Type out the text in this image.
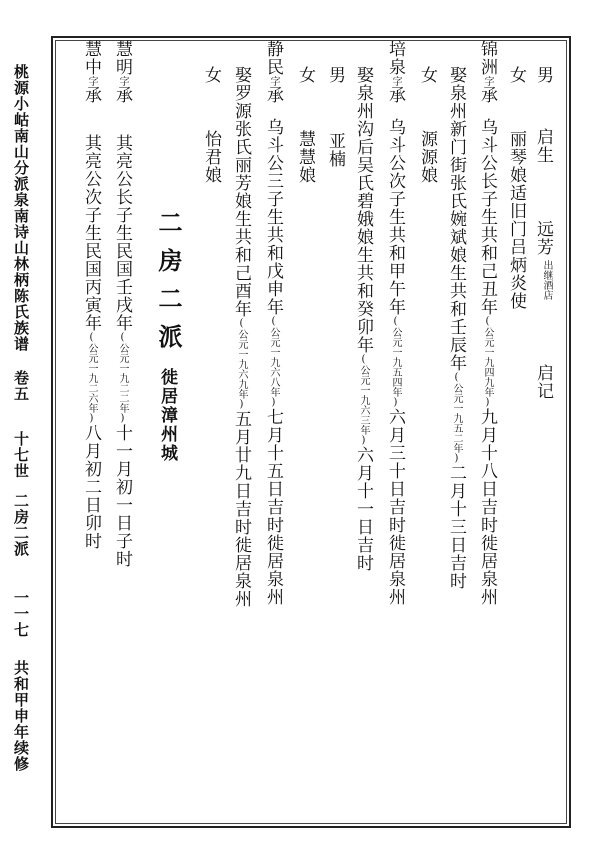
桃源小岵南山分派泉南诗山林柄陈氏族谱
卷五
十七世
二房二派
一一七
共和甲申年续修
男
启生
远芳
出继酒店
启记
丽琴娘适旧门吕炳炎使
女
锦洲字承乌斗公长子生共和己丑年(公元一九四九年)九月十八日吉时徙居泉州
娶泉州新门街张氏婉斌娘生共和壬辰年(公元一九五二年)二月十三日吉时
女
源源娘
培泉字承乌斗公次子生共和甲午年(公元一九五四年)六月三十日吉时徙居泉州
娶泉州沟后吴氏碧娥娘生共和癸卯年(公元一九六三年)六月十一日吉时
男
亚楠
女
慧慧娘
静民字承乌斗公三子生共和戊申年(公元一九六八年)七月十五日吉时徙居泉州
娶罗源张氏丽芳娘生共和己酉年(公元一九六九年)五月廿九日吉时徙居泉州
女
怡君娘
二房二派
徙居漳州城
慧明字承其亮公长子生民国壬戌年(公元一九二二年)十一月初一日子时
慧中字承其亮公次子生民国丙寅年(公元一九二六年)八月初二日卯时
